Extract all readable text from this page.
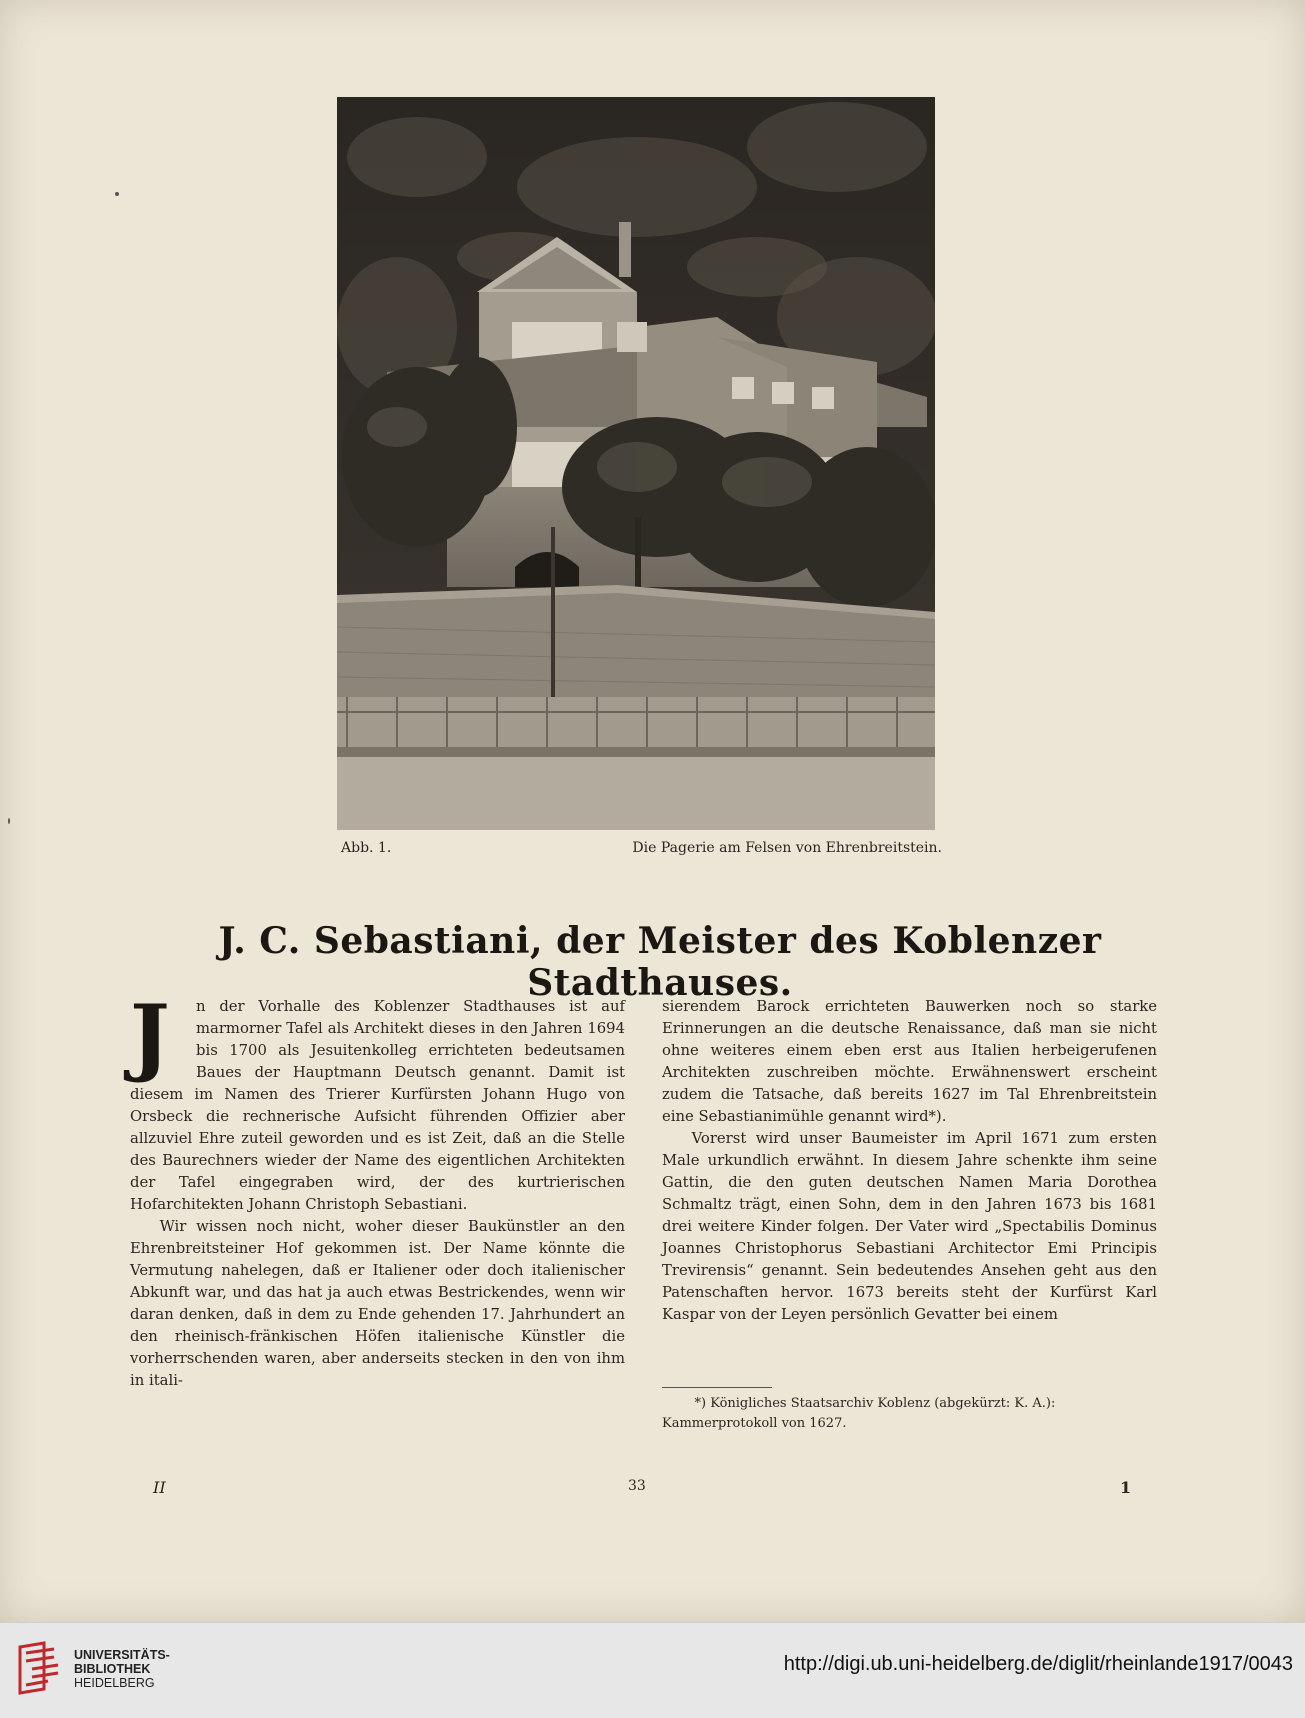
Abb. 1.	Die Pagerie am Felsen von Ehrenbreitstein.
J. C. Sebastiani, der Meister des Koblenzer Stadthauses.

J	n der Vorhalle des Koblenzer Stadthauses ist auf marmorner Tafel als Architekt dieses in den Jahren 1694 bis 1700 als Jesuitenkolleg errichteten bedeutsamen Baues der Hauptmann Deutsch genannt. Damit ist diesem im Namen des Trierer Kurfürsten Johann Hugo von Orsbeck die rechnerische Aufsicht führenden Offizier aber allzuviel Ehre zuteil geworden und es ist Zeit, daß an die Stelle des Baurechners wieder der Name des eigentlichen Architekten der Tafel eingegraben wird, der des kurtrierischen Hofarchitekten Johann Christoph Sebastiani.

Wir wissen noch nicht, woher dieser Baukünstler an den Ehrenbreitsteiner Hof gekommen ist. Der Name könnte die Vermutung nahelegen, daß er Italiener oder doch italienischer Abkunft war, und das hat ja auch etwas Bestrickendes, wenn wir daran denken, daß in dem zu Ende gehenden 17. Jahrhundert an den rheinisch-fränkischen Höfen italienische Künstler die vorherrschenden waren, aber anderseits stecken in den von ihm in itali-

sierendem Barock errichteten Bauwerken noch so starke Erinnerungen an die deutsche Renaissance, daß man sie nicht ohne weiteres einem eben erst aus Italien herbeigerufenen Architekten zuschreiben möchte. Erwähnenswert erscheint zudem die Tatsache, daß bereits 1627 im Tal Ehrenbreitstein eine Sebastianimühle genannt wird*).

Vorerst wird unser Baumeister im April 1671 zum ersten Male urkundlich erwähnt. In diesem Jahre schenkte ihm seine Gattin, die den guten deutschen Namen Maria Dorothea Schmaltz trägt, einen Sohn, dem in den Jahren 1673 bis 1681 drei weitere Kinder folgen. Der Vater wird „Spectabilis Dominus Joannes Christophorus Sebastiani Architector Emi Principis Trevirensis“ genannt. Sein bedeutendes Ansehen geht aus den Patenschaften hervor. 1673 bereits steht der Kurfürst Karl Kaspar von der Leyen persönlich Gevatter bei einem

*) Königliches Staatsarchiv Koblenz (abgekürzt: K. A.): Kammerprotokoll von 1627.
II	33	1
UNIVERSITÄTS-
BIBLIOTHEK
HEIDELBERG
http://digi.ub.uni-heidelberg.de/diglit/rheinlande1917/0043
